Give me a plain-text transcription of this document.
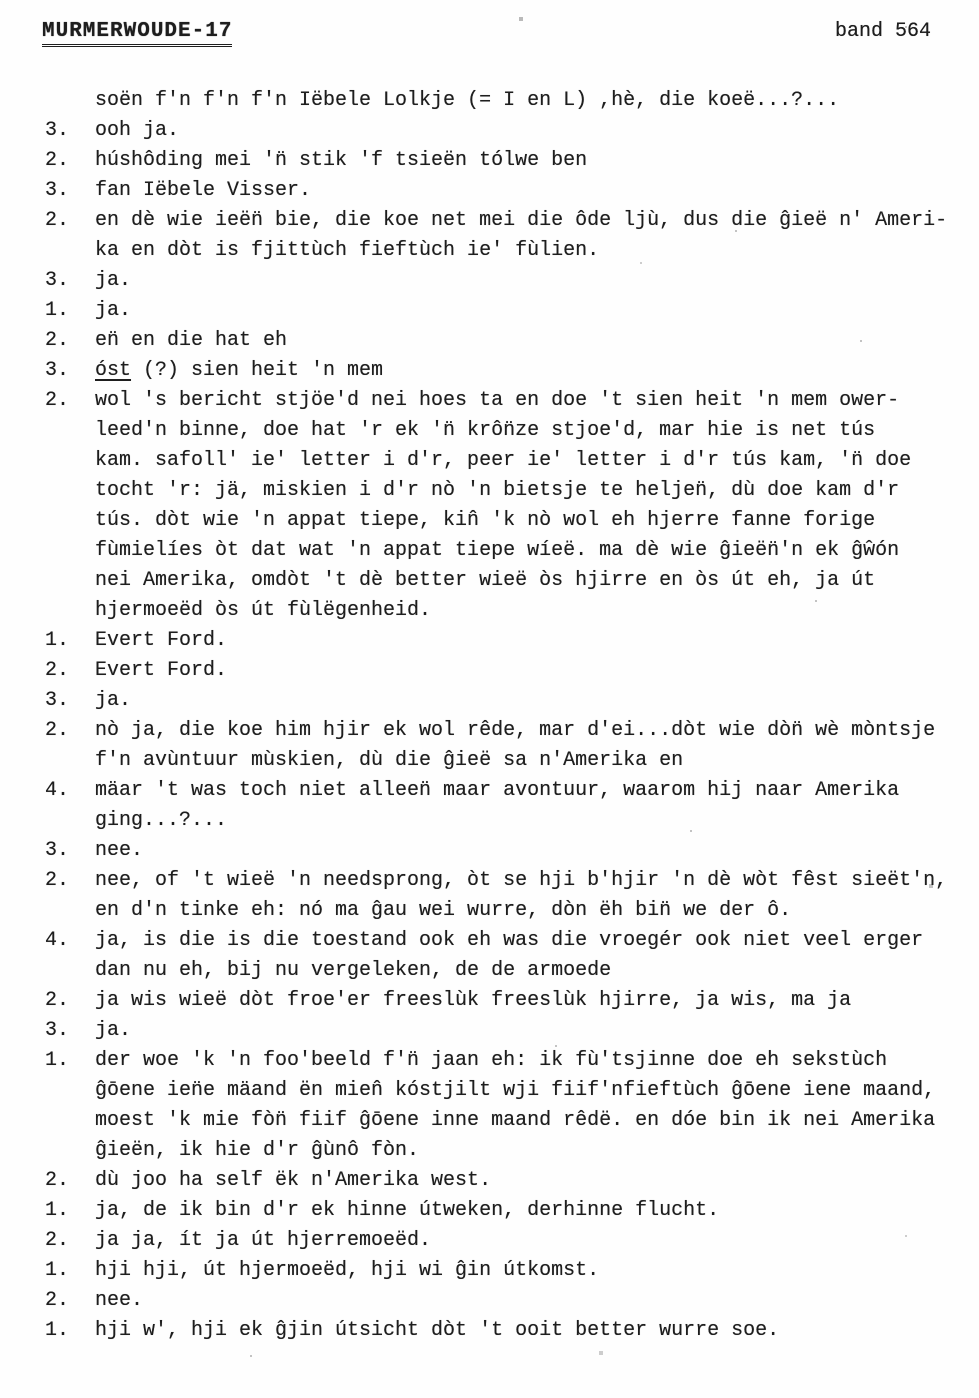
MURMERWOUDE-17	band 564

soën f'n f'n f'n Iëbele Lolkje (= I en L) ,hè, die koeë...?...
3.	ooh ja.
2.	húshôding mei 'n̈ stik 'f tsieën tólwe ben
3.	fan Iëbele Visser.
2.	en dè wie ieën̈ bie, die koe net mei die ôde ljù, dus die ĝieë n' Ameri-
ka en dòt is fjittùch fieftùch ie' fùlien.
3.	ja.
1.	ja.
2.	en̈ en die hat eh
3.	óst (?) sien heit 'n mem
2.	wol 's bericht stjöe'd nei hoes ta en doe 't sien heit 'n mem ower-
leed'n binne, doe hat 'r ek 'n̈ krôn̈ze stjoe'd, mar hie is net tús
kam. safoll' ie' letter i d'r, peer ie' letter i d'r tús kam, 'n̈ doe
tocht 'r: jä, miskien i d'r nò 'n bietsje te heljen̈, dù doe kam d'r
tús. dòt wie 'n appat tiepe, kin̂ 'k nò wol eh hjerre fanne forige
fùmielíes òt dat wat 'n appat tiepe wíeë. ma dè wie ĝieën̈'n ek ĝŵón
nei Amerika, omdòt 't dè better wieë òs hjirre en òs út eh, ja út
hjermoeëd òs út fùlëgenheid.
1.	Evert Ford.
2.	Evert Ford.
3.	ja.
2.	nò ja, die koe him hjir ek wol rêde, mar d'ei...dòt wie dòn̈ wè mòntsje
f'n avùntuur mùskien, dù die ĝieë sa n'Amerika en
4.	mäar 't was toch niet alleen̈ maar avontuur, waarom hij naar Amerika
ging...?...
3.	nee.
2.	nee, of 't wieë 'n needsprong, òt se hji b'hjir 'n dè wòt fêst sieët'n,
en d'n tinke eh: nó ma ĝau wei wurre, dòn ëh bin̈ we der ô.
4.	ja, is die is die toestand ook eh was die vroegér ook niet veel erger
dan nu eh, bij nu vergeleken, de de armoede
2.	ja wis wieë dòt froe'er freeslùk freeslùk hjirre, ja wis, ma ja
3.	ja.
1.	der woe 'k 'n foo'beeld f'n̈ jaan eh: ik fù'tsjinne doe eh sekstùch
ĝōene ien̈e mäand ën mien̂ kóstjilt wji fiif'nfieftùch ĝōene iene maand,
moest 'k mie fòn̈ fiif ĝōene inne maand rêdë. en dóe bin ik nei Amerika
ĝieën, ik hie d'r ĝùnô fòn.
2.	dù joo ha self ëk n'Amerika west.
1.	ja, de ik bin d'r ek hinne útweken, derhinne flucht.
2.	ja ja, ít ja út hjerremoeëd.
1.	hji hji, út hjermoeëd, hji wi ĝin útkomst.
2.	nee.
1.	hji w', hji ek ĝjin útsicht dòt 't ooit better wurre soe.
